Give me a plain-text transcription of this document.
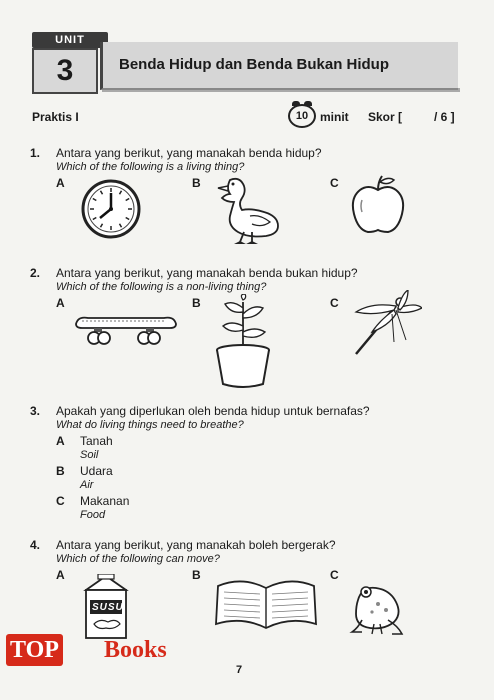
UNIT
3	Benda Hidup dan Benda Bukan Hidup
Praktis I	10 minit Skor [	/ 6 ]
1. Antara yang berikut, yang manakah benda hidup?
Which of the following is a living thing?
A	B	C
2. Antara yang berikut, yang manakah benda bukan hidup?
Which of the following is a non-living thing?
A	B	C
3. Apakah yang diperlukan oleh benda hidup untuk bernafas?
What do living things need to breathe?
A Tanah
Soil
B Udara
Air
C Makanan
Food
4. Antara yang berikut, yang manakah boleh bergerak?
Which of the following can move?
A	B	C
SUSU
TOP Books
7
